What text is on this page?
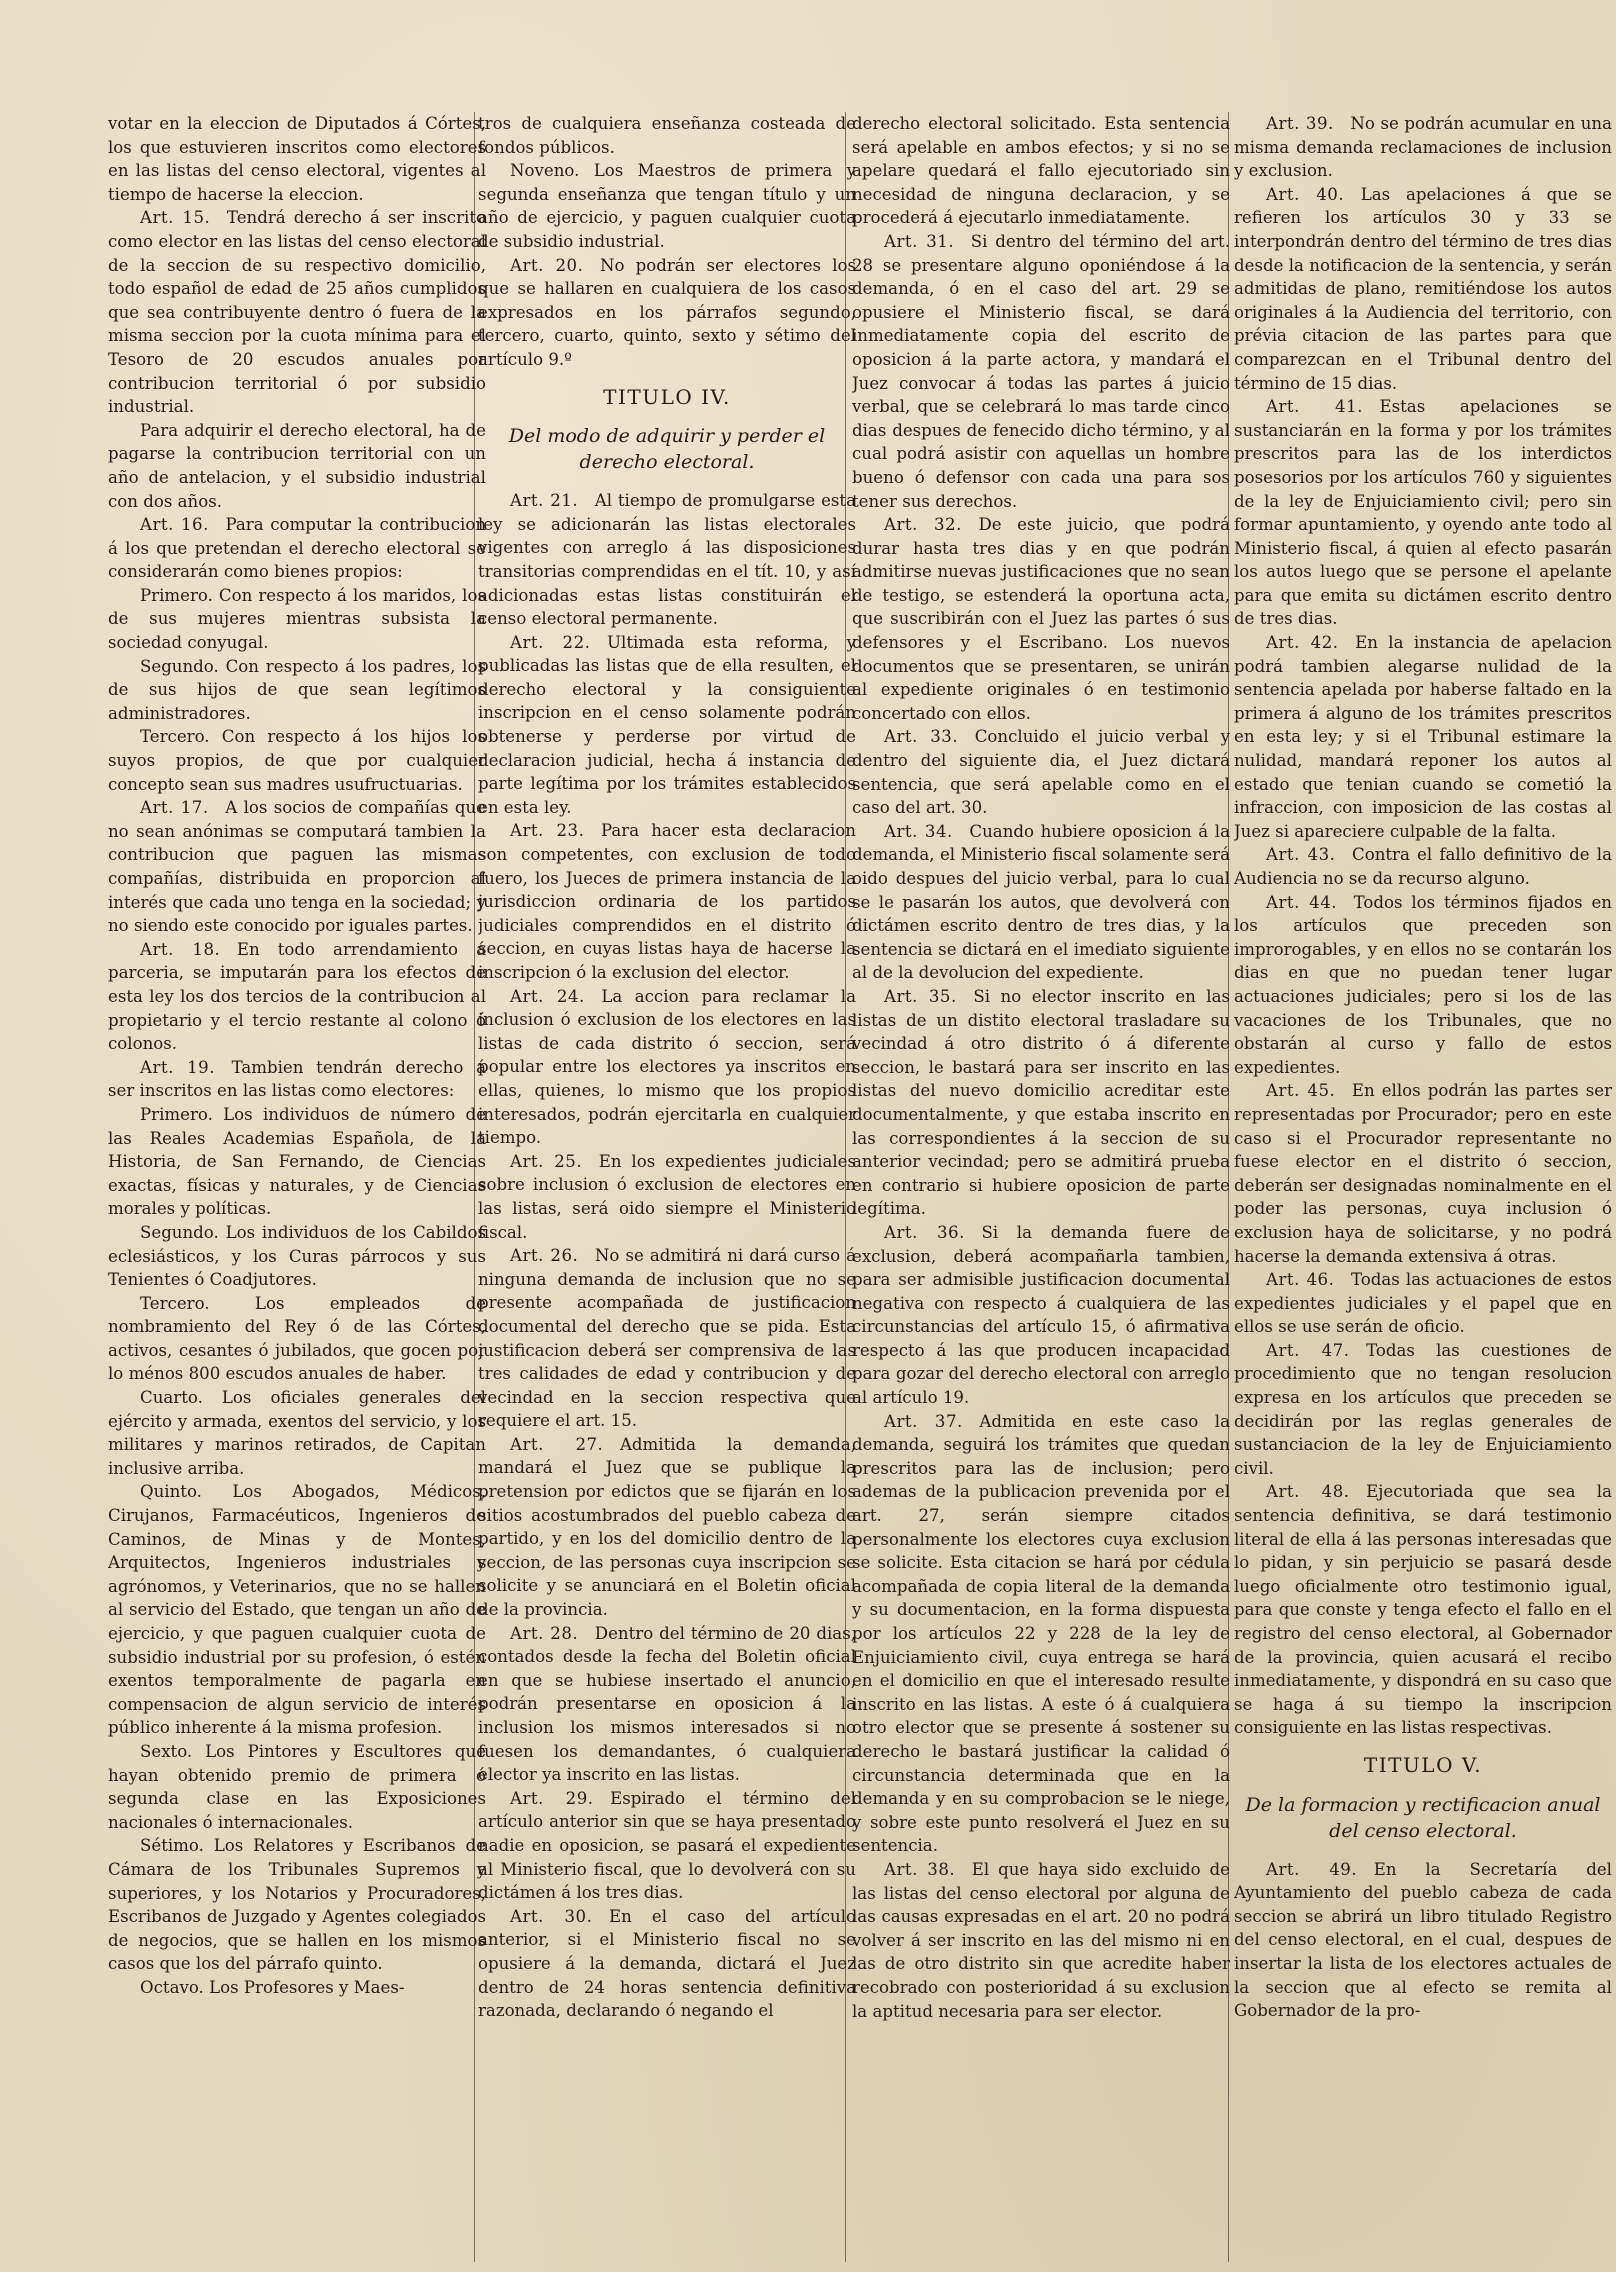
votar en la eleccion de Diputados á Córtes, los que estuvieren inscritos como electores en las listas del censo electoral, vigentes al tiempo de hacerse la eleccion.

Art. 15.  Tendrá derecho á ser inscrito como elector en las listas del censo electoral de la seccion de su respectivo domicilio, todo español de edad de 25 años cumplidos que sea contribuyente dentro ó fuera de la misma seccion por la cuota mínima para el Tesoro de 20 escudos anuales por contribucion territorial ó por subsidio industrial.

Para adquirir el derecho electoral, ha de pagarse la contribucion territorial con un año de antelacion, y el subsidio industrial con dos años.

Art. 16.  Para computar la contribucion á los que pretendan el derecho electoral se considerarán como bienes propios:

Primero. Con respecto á los maridos, los de sus mujeres mientras subsista la sociedad conyugal.

Segundo. Con respecto á los padres, los de sus hijos de que sean legítimos administradores.

Tercero. Con respecto á los hijos los suyos propios, de que por cualquier concepto sean sus madres usufructuarias.

Art. 17.  A los socios de compañías que no sean anónimas se computará tambien la contribucion que paguen las mismas compañías, distribuida en proporcion al interés que cada uno tenga en la sociedad; y no siendo este conocido por iguales partes.

Art. 18.  En todo arrendamiento á parceria, se imputarán para los efectos de esta ley los dos tercios de la contribucion al propietario y el tercio restante al colono ó colonos.

Art. 19.  Tambien tendrán derecho á ser inscritos en las listas como electores:

Primero. Los individuos de número de las Reales Academias Española, de la Historia, de San Fernando, de Ciencias exactas, físicas y naturales, y de Ciencias morales y políticas.

Segundo. Los individuos de los Cabildos eclesiásticos, y los Curas párrocos y sus Tenientes ó Coadjutores.

Tercero. Los empleados de nombramiento del Rey ó de las Córtes, activos, cesantes ó jubilados, que gocen por lo ménos 800 escudos anuales de haber.

Cuarto. Los oficiales generales del ejército y armada, exentos del servicio, y los militares y marinos retirados, de Capitan inclusive arriba.

Quinto. Los Abogados, Médicos, Cirujanos, Farmacéuticos, Ingenieros de Caminos, de Minas y de Montes, Arquitectos, Ingenieros industriales y agrónomos, y Veterinarios, que no se hallen al servicio del Estado, que tengan un año de ejercicio, y que paguen cualquier cuota de subsidio industrial por su profesion, ó estén exentos temporalmente de pagarla en compensacion de algun servicio de interés público inherente á la misma profesion.

Sexto. Los Pintores y Escultores que hayan obtenido premio de primera ó segunda clase en las Exposiciones nacionales ó internacionales.

Sétimo. Los Relatores y Escribanos de Cámara de los Tribunales Supremos y superiores, y los Notarios y Procuradores, Escribanos de Juzgado y Agentes colegiados de negocios, que se hallen en los mismos casos que los del párrafo quinto.

Octavo. Los Profesores y Maes-

tros de cualquiera enseñanza costeada de fondos públicos.

Noveno. Los Maestros de primera y segunda enseñanza que tengan título y un año de ejercicio, y paguen cualquier cuota de subsidio industrial.

Art. 20.  No podrán ser electores los que se hallaren en cualquiera de los casos expresados en los párrafos segundo, tercero, cuarto, quinto, sexto y sétimo del artículo 9.º

TITULO IV.

Del modo de adquirir y perder el derecho electoral.

Art. 21.  Al tiempo de promulgarse esta ley se adicionarán las listas electorales vigentes con arreglo á las disposiciones transitorias comprendidas en el tít. 10, y así adicionadas estas listas constituirán el censo electoral permanente.

Art. 22.  Ultimada esta reforma, y publicadas las listas que de ella resulten, el derecho electoral y la consiguiente inscripcion en el censo solamente podrán obtenerse y perderse por virtud de declaracion judicial, hecha á instancia de parte legítima por los trámites establecidos en esta ley.

Art. 23.  Para hacer esta declaracion son competentes, con exclusion de todo fuero, los Jueces de primera instancia de la jurisdiccion ordinaria de los partidos judiciales comprendidos en el distrito ó seccion, en cuyas listas haya de hacerse la inscripcion ó la exclusion del elector.

Art. 24.  La accion para reclamar la inclusion ó exclusion de los electores en las listas de cada distrito ó seccion, será popular entre los electores ya inscritos en ellas, quienes, lo mismo que los propios interesados, podrán ejercitarla en cualquier tiempo.

Art. 25.  En los expedientes judiciales sobre inclusion ó exclusion de electores en las listas, será oido siempre el Ministerio fiscal.

Art. 26.  No se admitirá ni dará curso á ninguna demanda de inclusion que no se presente acompañada de justificacion documental del derecho que se pida. Esta justificacion deberá ser comprensiva de las tres calidades de edad y contribucion y de vecindad en la seccion respectiva que requiere el art. 15.

Art. 27.  Admitida la demanda, mandará el Juez que se publique la pretension por edictos que se fijarán en los sitios acostumbrados del pueblo cabeza de partido, y en los del domicilio dentro de la seccion, de las personas cuya inscripcion se solicite y se anunciará en el Boletin oficial de la provincia.

Art. 28.  Dentro del término de 20 dias, contados desde la fecha del Boletin oficial en que se hubiese insertado el anuncio, podrán presentarse en oposicion á la inclusion los mismos interesados si no fuesen los demandantes, ó cualquiera elector ya inscrito en las listas.

Art. 29.  Espirado el término del artículo anterior sin que se haya presentado nadie en oposicion, se pasará el expediente al Ministerio fiscal, que lo devolverá con su dictámen á los tres dias.

Art. 30.  En el caso del artículo anterior, si el Ministerio fiscal no se opusiere á la demanda, dictará el Juez dentro de 24 horas sentencia definitiva razonada, declarando ó negando el

derecho electoral solicitado. Esta sentencia será apelable en ambos efectos; y si no se apelare quedará el fallo ejecutoriado sin necesidad de ninguna declaracion, y se procederá á ejecutarlo inmediatamente.

Art. 31.  Si dentro del término del art. 28 se presentare alguno oponiéndose á la demanda, ó en el caso del art. 29 se opusiere el Ministerio fiscal, se dará inmediatamente copia del escrito de oposicion á la parte actora, y mandará el Juez convocar á todas las partes á juicio verbal, que se celebrará lo mas tarde cinco dias despues de fenecido dicho término, y al cual podrá asistir con aquellas un hombre bueno ó defensor con cada una para sos tener sus derechos.

Art. 32.  De este juicio, que podrá durar hasta tres dias y en que podrán admitirse nuevas justificaciones que no sean de testigo, se estenderá la oportuna acta, que suscribirán con el Juez las partes ó sus defensores y el Escribano. Los nuevos documentos que se presentaren, se unirán al expediente originales ó en testimonio concertado con ellos.

Art. 33.  Concluido el juicio verbal y dentro del siguiente dia, el Juez dictará sentencia, que será apelable como en el caso del art. 30.

Art. 34.  Cuando hubiere oposicion á la demanda, el Ministerio fiscal solamente será oido despues del juicio verbal, para lo cual se le pasarán los autos, que devolverá con dictámen escrito dentro de tres dias, y la sentencia se dictará en el imediato siguiente al de la devolucion del expediente.

Art. 35.  Si no elector inscrito en las listas de un distito electoral trasladare su vecindad á otro distrito ó á diferente seccion, le bastará para ser inscrito en las listas del nuevo domicilio acreditar este documentalmente, y que estaba inscrito en las correspondientes á la seccion de su anterior vecindad; pero se admitirá prueba en contrario si hubiere oposicion de parte legítima.

Art. 36.  Si la demanda fuere de exclusion, deberá acompañarla tambien, para ser admisible justificacion documental negativa con respecto á cualquiera de las circunstancias del artículo 15, ó afirmativa respecto á las que producen incapacidad para gozar del derecho electoral con arreglo al artículo 19.

Art. 37.  Admitida en este caso la demanda, seguirá los trámites que quedan prescritos para las de inclusion; pero ademas de la publicacion prevenida por el art. 27, serán siempre citados personalmente los electores cuya exclusion se solicite. Esta citacion se hará por cédula acompañada de copia literal de la demanda y su documentacion, en la forma dispuesta por los artículos 22 y 228 de la ley de Enjuiciamiento civil, cuya entrega se hará en el domicilio en que el interesado resulte inscrito en las listas. A este ó á cualquiera otro elector que se presente á sostener su derecho le bastará justificar la calidad ó circunstancia determinada que en la demanda y en su comprobacion se le niege, y sobre este punto resolverá el Juez en su sentencia.

Art. 38.  El que haya sido excluido de las listas del censo electoral por alguna de las causas expresadas en el art. 20 no podrá volver á ser inscrito en las del mismo ni en las de otro distrito sin que acredite haber recobrado con posterioridad á su exclusion la aptitud necesaria para ser elector.

Art. 39.  No se podrán acumular en una misma demanda reclamaciones de inclusion y exclusion.

Art. 40.  Las apelaciones á que se refieren los artículos 30 y 33 se interpondrán dentro del término de tres dias desde la notificacion de la sentencia, y serán admitidas de plano, remitiéndose los autos originales á la Audiencia del territorio, con prévia citacion de las partes para que comparezcan en el Tribunal dentro del término de 15 dias.

Art. 41.  Estas apelaciones se sustanciarán en la forma y por los trámites prescritos para las de los interdictos posesorios por los artículos 760 y siguientes de la ley de Enjuiciamiento civil; pero sin formar apuntamiento, y oyendo ante todo al Ministerio fiscal, á quien al efecto pasarán los autos luego que se persone el apelante para que emita su dictámen escrito dentro de tres dias.

Art. 42.  En la instancia de apelacion podrá tambien alegarse nulidad de la sentencia apelada por haberse faltado en la primera á alguno de los trámites prescritos en esta ley; y si el Tribunal estimare la nulidad, mandará reponer los autos al estado que tenian cuando se cometió la infraccion, con imposicion de las costas al Juez si apareciere culpable de la falta.

Art. 43.  Contra el fallo definitivo de la Audiencia no se da recurso alguno.

Art. 44.  Todos los términos fijados en los artículos que preceden son improrogables, y en ellos no se contarán los dias en que no puedan tener lugar actuaciones judiciales; pero si los de las vacaciones de los Tribunales, que no obstarán al curso y fallo de estos expedientes.

Art. 45.  En ellos podrán las partes ser representadas por Procurador; pero en este caso si el Procurador representante no fuese elector en el distrito ó seccion, deberán ser designadas nominalmente en el poder las personas, cuya inclusion ó exclusion haya de solicitarse, y no podrá hacerse la demanda extensiva á otras.

Art. 46.  Todas las actuaciones de estos expedientes judiciales y el papel que en ellos se use serán de oficio.

Art. 47.  Todas las cuestiones de procedimiento que no tengan resolucion expresa en los artículos que preceden se decidirán por las reglas generales de sustanciacion de la ley de Enjuiciamiento civil.

Art. 48.  Ejecutoriada que sea la sentencia definitiva, se dará testimonio literal de ella á las personas interesadas que lo pidan, y sin perjuicio se pasará desde luego oficialmente otro testimonio igual, para que conste y tenga efecto el fallo en el registro del censo electoral, al Gobernador de la provincia, quien acusará el recibo inmediatamente, y dispondrá en su caso que se haga á su tiempo la inscripcion consiguiente en las listas respectivas.

TITULO V.

De la formacion y rectificacion anual del censo electoral.

Art. 49.  En la Secretaría del Ayuntamiento del pueblo cabeza de cada seccion se abrirá un libro titulado Registro del censo electoral, en el cual, despues de insertar la lista de los electores actuales de la seccion que al efecto se remita al Gobernador de la pro-
